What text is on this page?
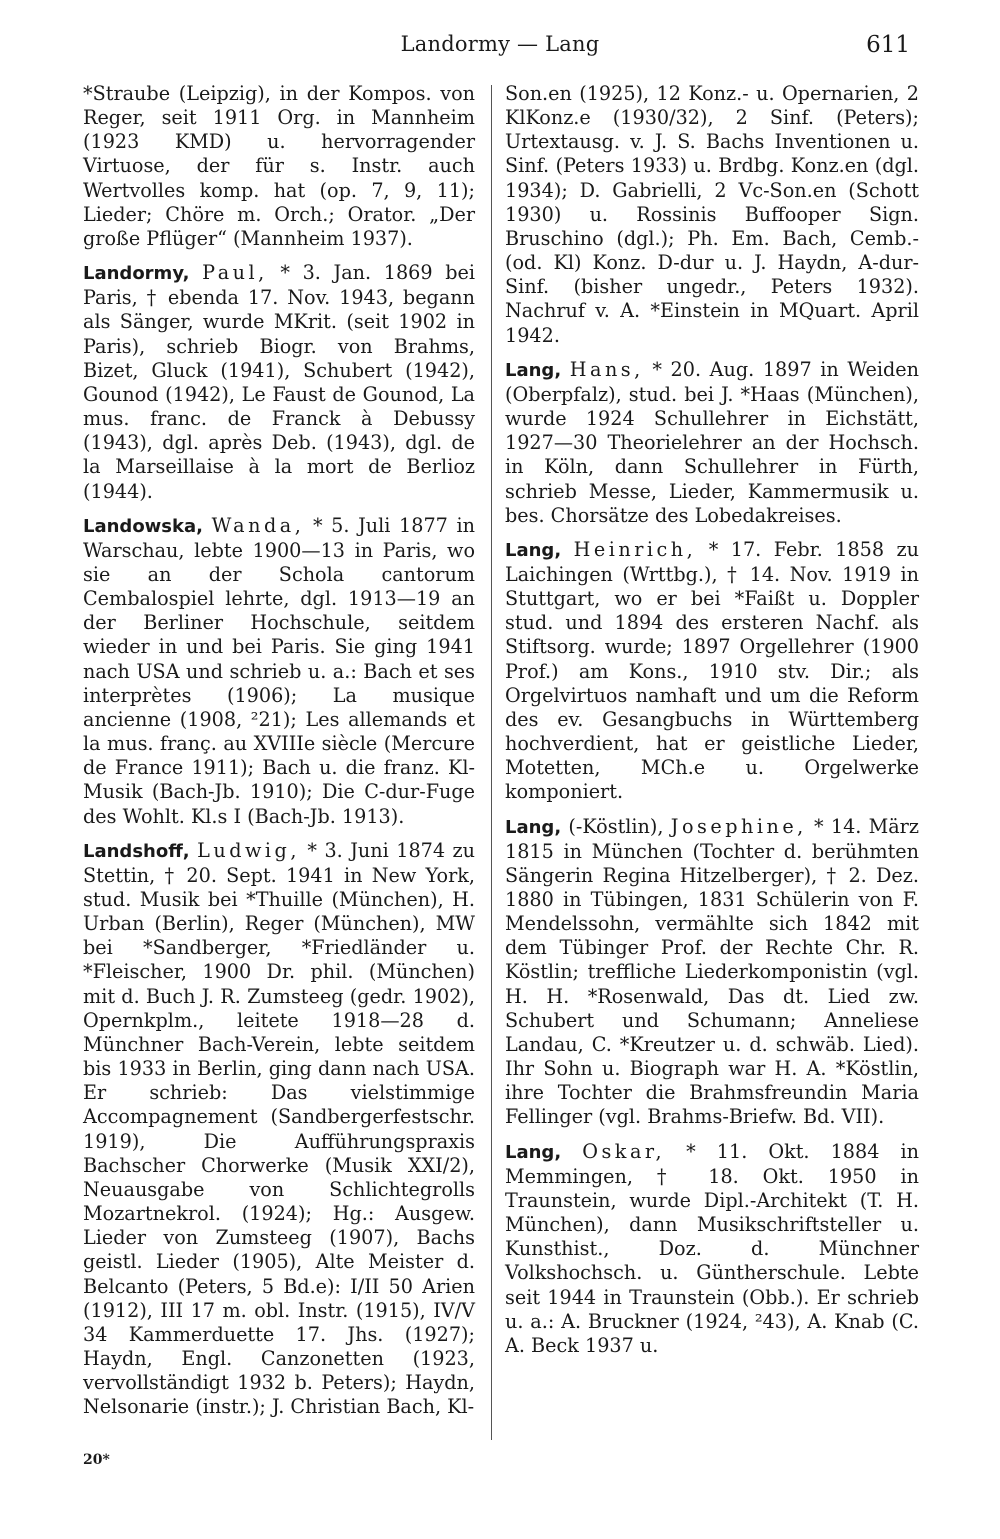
Landormy — Lang	611

*Straube (Leipzig), in der Kompos. von Reger, seit 1911 Org. in Mannheim (1923 KMD) u. hervorragender Virtuose, der für s. Instr. auch Wertvolles komp. hat (op. 7, 9, 11); Lieder; Chöre m. Orch.; Orator. „Der große Pflüger“ (Mannheim 1937).

Landormy, Paul, * 3. Jan. 1869 bei Paris, † ebenda 17. Nov. 1943, begann als Sänger, wurde MKrit. (seit 1902 in Paris), schrieb Biogr. von Brahms, Bizet, Gluck (1941), Schubert (1942), Gounod (1942), Le Faust de Gounod, La mus. franc. de Franck à Debussy (1943), dgl. après Deb. (1943), dgl. de la Marseillaise à la mort de Berlioz (1944).

Landowska, Wanda, * 5. Juli 1877 in Warschau, lebte 1900—13 in Paris, wo sie an der Schola cantorum Cembalospiel lehrte, dgl. 1913—19 an der Berliner Hochschule, seitdem wieder in und bei Paris. Sie ging 1941 nach USA und schrieb u. a.: Bach et ses interprètes (1906); La musique ancienne (1908, ²21); Les allemands et la mus. franç. au XVIIIe siècle (Mercure de France 1911); Bach u. die franz. Kl-Musik (Bach-Jb. 1910); Die C-dur-Fuge des Wohlt. Kl.s I (Bach-Jb. 1913).

Landshoff, Ludwig, * 3. Juni 1874 zu Stettin, † 20. Sept. 1941 in New York, stud. Musik bei *Thuille (München), H. Urban (Berlin), Reger (München), MW bei *Sandberger, *Friedländer u. *Fleischer, 1900 Dr. phil. (München) mit d. Buch J. R. Zumsteeg (gedr. 1902), Opernkplm., leitete 1918—28 d. Münchner Bach-Verein, lebte seitdem bis 1933 in Berlin, ging dann nach USA. Er schrieb: Das vielstimmige Accompagnement (Sandbergerfestschr. 1919), Die Aufführungspraxis Bachscher Chorwerke (Musik XXI/2), Neuausgabe von Schlichtegrolls Mozartnekrol. (1924); Hg.: Ausgew. Lieder von Zumsteeg (1907), Bachs geistl. Lieder (1905), Alte Meister d. Belcanto (Peters, 5 Bd.e): I/II 50 Arien (1912), III 17 m. obl. Instr. (1915), IV/V 34 Kammerduette 17. Jhs. (1927); Haydn, Engl. Canzonetten (1923, vervollständigt 1932 b. Peters); Haydn, Nelsonarie (instr.); J. Christian Bach, Kl-

Son.en (1925), 12 Konz.- u. Opernarien, 2 KlKonz.e (1930/32), 2 Sinf. (Peters); Urtextausg. v. J. S. Bachs Inventionen u. Sinf. (Peters 1933) u. Brdbg. Konz.en (dgl. 1934); D. Gabrielli, 2 Vc-Son.en (Schott 1930) u. Rossinis Buffooper Sign. Bruschino (dgl.); Ph. Em. Bach, Cemb.- (od. Kl) Konz. D-dur u. J. Haydn, A-dur-Sinf. (bisher ungedr., Peters 1932). Nachruf v. A. *Einstein in MQuart. April 1942.

Lang, Hans, * 20. Aug. 1897 in Weiden (Oberpfalz), stud. bei J. *Haas (München), wurde 1924 Schullehrer in Eichstätt, 1927—30 Theorielehrer an der Hochsch. in Köln, dann Schullehrer in Fürth, schrieb Messe, Lieder, Kammermusik u. bes. Chorsätze des Lobedakreises.

Lang, Heinrich, * 17. Febr. 1858 zu Laichingen (Wrttbg.), † 14. Nov. 1919 in Stuttgart, wo er bei *Faißt u. Doppler stud. und 1894 des ersteren Nachf. als Stiftsorg. wurde; 1897 Orgellehrer (1900 Prof.) am Kons., 1910 stv. Dir.; als Orgelvirtuos namhaft und um die Reform des ev. Gesangbuchs in Württemberg hochverdient, hat er geistliche Lieder, Motetten, MCh.e u. Orgelwerke komponiert.

Lang, (-Köstlin), Josephine, * 14. März 1815 in München (Tochter d. berühmten Sängerin Regina Hitzelberger), † 2. Dez. 1880 in Tübingen, 1831 Schülerin von F. Mendelssohn, vermählte sich 1842 mit dem Tübinger Prof. der Rechte Chr. R. Köstlin; treffliche Liederkomponistin (vgl. H. H. *Rosenwald, Das dt. Lied zw. Schubert und Schumann; Anneliese Landau, C. *Kreutzer u. d. schwäb. Lied). Ihr Sohn u. Biograph war H. A. *Köstlin, ihre Tochter die Brahmsfreundin Maria Fellinger (vgl. Brahms-Briefw. Bd. VII).

Lang, Oskar, * 11. Okt. 1884 in Memmingen, † 18. Okt. 1950 in Traunstein, wurde Dipl.-Architekt (T. H. München), dann Musikschriftsteller u. Kunsthist., Doz. d. Münchner Volkshochsch. u. Güntherschule. Lebte seit 1944 in Traunstein (Obb.). Er schrieb u. a.: A. Bruckner (1924, ²43), A. Knab (C. A. Beck 1937 u.

20*
